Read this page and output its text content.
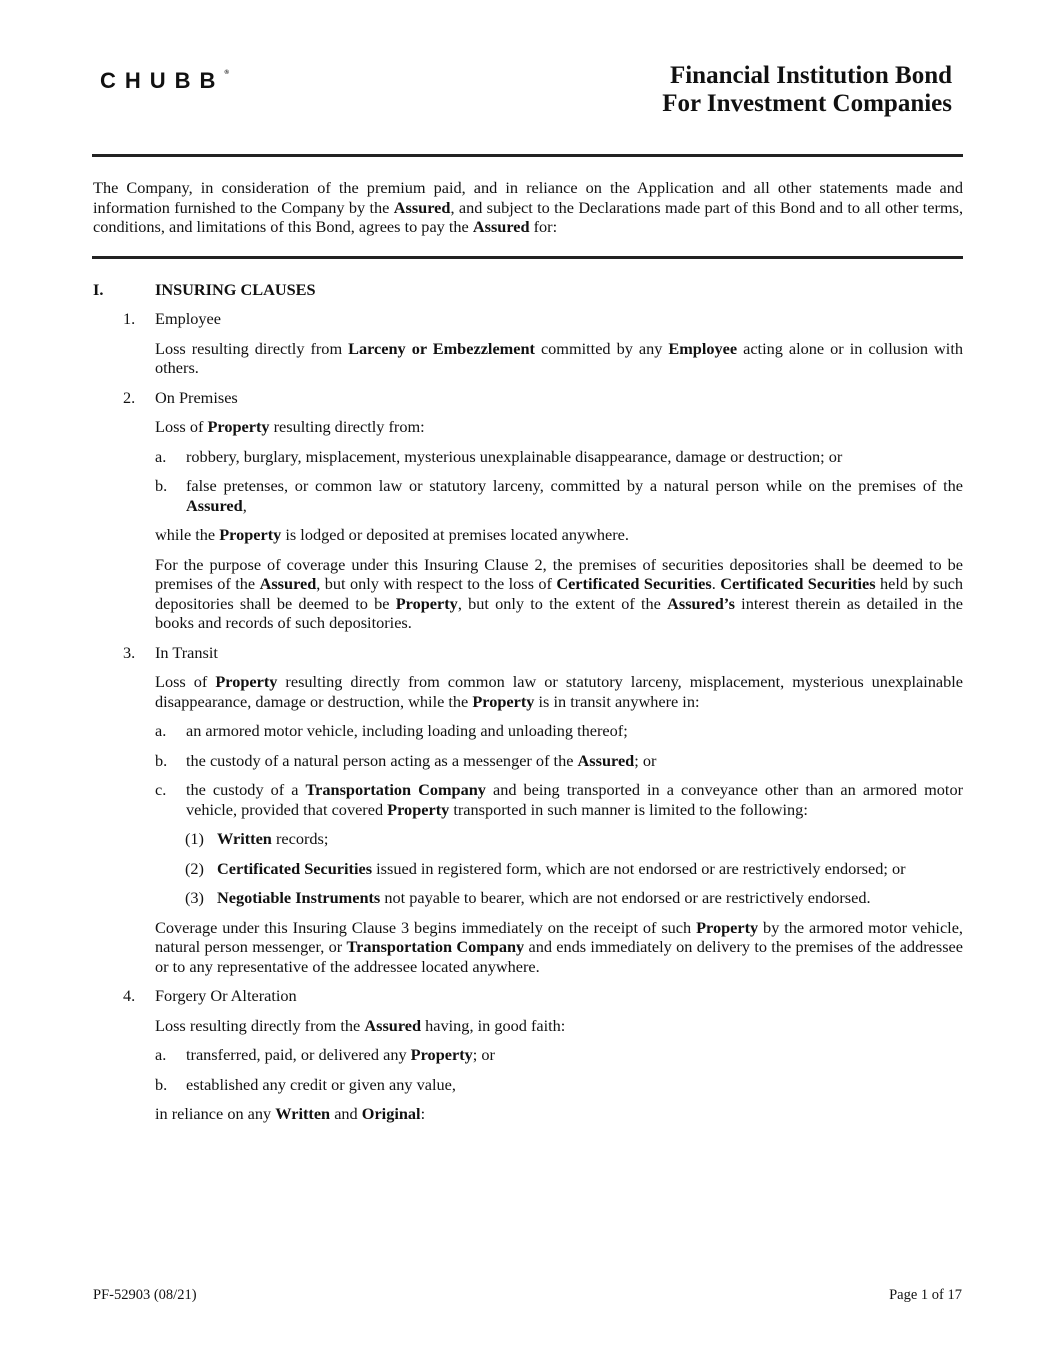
CHUBB®	Financial Institution Bond
For Investment Companies

The Company, in consideration of the premium paid, and in reliance on the Application and all other statements made and information furnished to the Company by the Assured, and subject to the Declarations made part of this Bond and to all other terms, conditions, and limitations of this Bond, agrees to pay the Assured for:

I.	INSURING CLAUSES
1. Employee

Loss resulting directly from Larceny or Embezzlement committed by any Employee acting alone or in collusion with others.

2. On Premises

Loss of Property resulting directly from:

a. robbery, burglary, misplacement, mysterious unexplainable disappearance, damage or destruction; or

b. false pretenses, or common law or statutory larceny, committed by a natural person while on the premises of the Assured,

while the Property is lodged or deposited at premises located anywhere.

For the purpose of coverage under this Insuring Clause 2, the premises of securities depositories shall be deemed to be premises of the Assured, but only with respect to the loss of Certificated Securities. Certificated Securities held by such depositories shall be deemed to be Property, but only to the extent of the Assured’s interest therein as detailed in the books and records of such depositories.

3. In Transit

Loss of Property resulting directly from common law or statutory larceny, misplacement, mysterious unexplainable disappearance, damage or destruction, while the Property is in transit anywhere in:

a. an armored motor vehicle, including loading and unloading thereof;

b. the custody of a natural person acting as a messenger of the Assured; or

c. the custody of a Transportation Company and being transported in a conveyance other than an armored motor vehicle, provided that covered Property transported in such manner is limited to the following:

(1) Written records;

(2) Certificated Securities issued in registered form, which are not endorsed or are restrictively endorsed; or

(3) Negotiable Instruments not payable to bearer, which are not endorsed or are restrictively endorsed.

Coverage under this Insuring Clause 3 begins immediately on the receipt of such Property by the armored motor vehicle, natural person messenger, or Transportation Company and ends immediately on delivery to the premises of the addressee or to any representative of the addressee located anywhere.

4. Forgery Or Alteration

Loss resulting directly from the Assured having, in good faith:

a. transferred, paid, or delivered any Property; or

b. established any credit or given any value,

in reliance on any Written and Original:

PF-52903 (08/21)	Page 1 of 17
